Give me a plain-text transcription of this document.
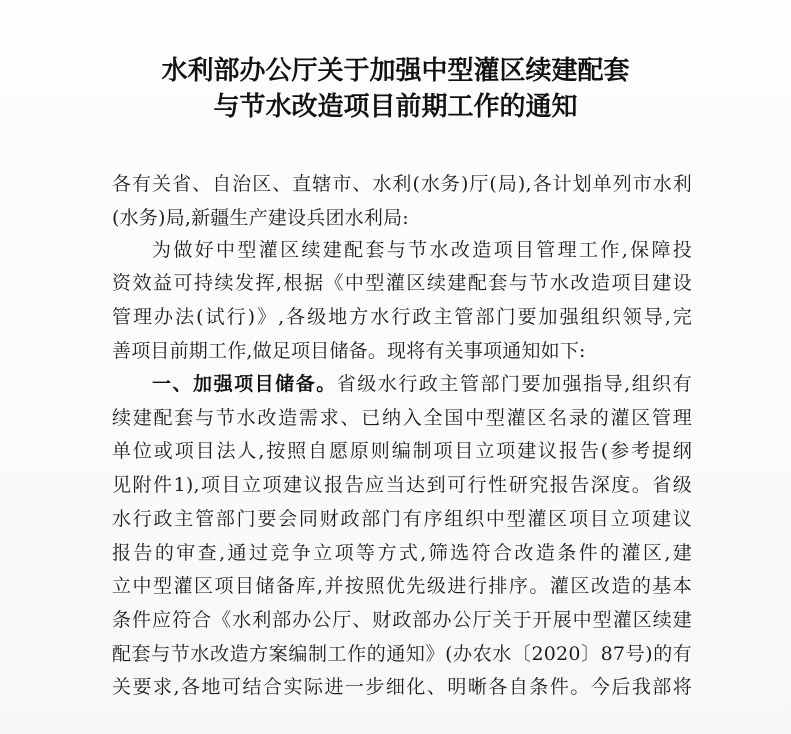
水利部办公厅关于加强中型灌区续建配套
与节水改造项目前期工作的通知
各有关省、自治区、直辖市、水利(水务)厅(局),各计划单列市水利
(水务)局,新疆生产建设兵团水利局:
为做好中型灌区续建配套与节水改造项目管理工作,保障投
资效益可持续发挥,根据《中型灌区续建配套与节水改造项目建设
管理办法(试行)》,各级地方水行政主管部门要加强组织领导,完
善项目前期工作,做足项目储备。现将有关事项通知如下:
一、加强项目储备。省级水行政主管部门要加强指导,组织有
续建配套与节水改造需求、已纳入全国中型灌区名录的灌区管理
单位或项目法人,按照自愿原则编制项目立项建议报告(参考提纲
见附件1),项目立项建议报告应当达到可行性研究报告深度。省级
水行政主管部门要会同财政部门有序组织中型灌区项目立项建议
报告的审查,通过竞争立项等方式,筛选符合改造条件的灌区,建
立中型灌区项目储备库,并按照优先级进行排序。灌区改造的基本
条件应符合《水利部办公厅、财政部办公厅关于开展中型灌区续建
配套与节水改造方案编制工作的通知》(办农水〔2020〕87号)的有
关要求,各地可结合实际进一步细化、明晰各自条件。今后我部将
